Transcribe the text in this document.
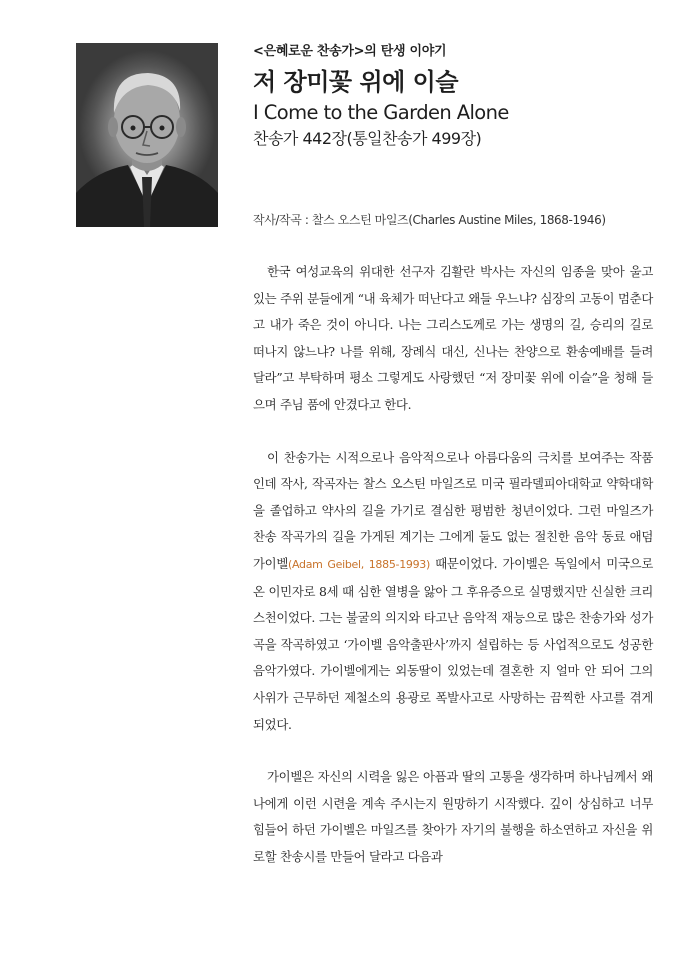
<은혜로운 찬송가>의 탄생 이야기
저 장미꽃 위에 이슬
I Come to the Garden Alone
찬송가 442장(통일찬송가 499장)
작사/작곡 : 찰스 오스틴 마일즈(Charles Austine Miles, 1868-1946)

한국 여성교육의 위대한 선구자 김활란 박사는 자신의 임종을 맞아 울고 있는 주위 분들에게 “내 육체가 떠난다고 왜들 우느냐? 심장의 고동이 멈춘다고 내가 죽은 것이 아니다. 나는 그리스도께로 가는 생명의 길, 승리의 길로 떠나지 않느냐? 나를 위해, 장례식 대신, 신나는 찬양으로 환송예배를 들려 달라”고 부탁하며 평소 그렇게도 사랑했던 “저 장미꽃 위에 이슬”을 청해 들으며 주님 품에 안겼다고 한다.

이 찬송가는 시적으로나 음악적으로나 아름다움의 극치를 보여주는 작품인데 작사, 작곡자는 찰스 오스틴 마일즈로 미국 필라델피아대학교 약학대학을 졸업하고 약사의 길을 가기로 결심한 평범한 청년이었다. 그런 마일즈가 찬송 작곡가의 길을 가게된 계기는 그에게 둘도 없는 절친한 음악 동료 애덤 가이벨(Adam Geibel, 1885-1993) 때문이었다. 가이벨은 독일에서 미국으로 온 이민자로 8세 때 심한 열병을 앓아 그 후유증으로 실명했지만 신실한 크리스천이었다. 그는 불굴의 의지와 타고난 음악적 재능으로 많은 찬송가와 성가곡을 작곡하였고 ‘가이벨 음악출판사’까지 설립하는 등 사업적으로도 성공한 음악가였다. 가이벨에게는 외동딸이 있었는데 결혼한 지 얼마 안 되어 그의 사위가 근무하던 제철소의 용광로 폭발사고로 사망하는 끔찍한 사고를 겪게 되었다.

가이벨은 자신의 시력을 잃은 아픔과 딸의 고통을 생각하며 하나님께서 왜 나에게 이런 시련을 계속 주시는지 원망하기 시작했다. 깊이 상심하고 너무 힘들어 하던 가이벨은 마일즈를 찾아가 자기의 불행을 하소연하고 자신을 위로할 찬송시를 만들어 달라고 다음과
